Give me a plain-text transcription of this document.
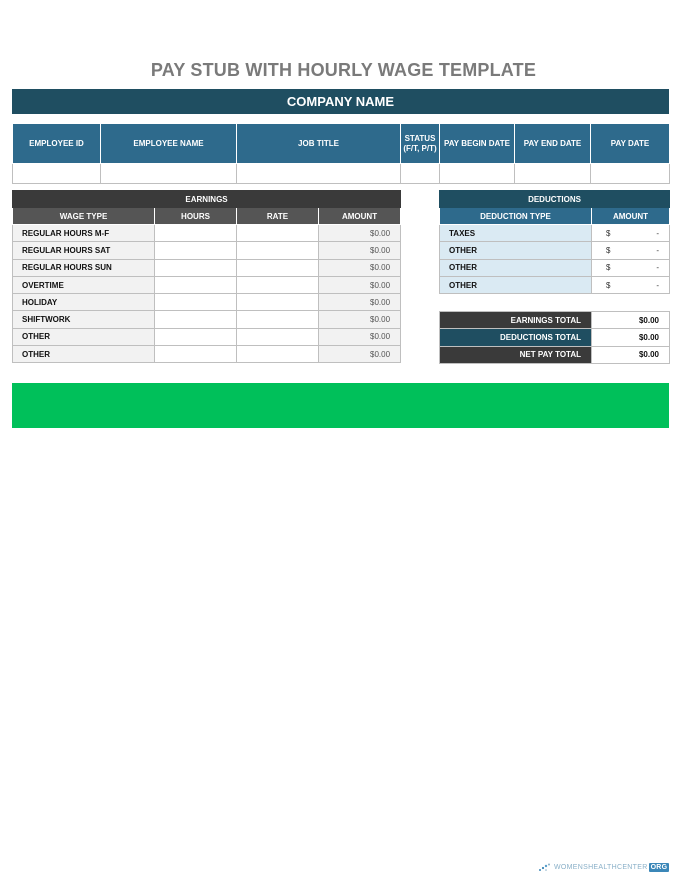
PAY STUB WITH HOURLY WAGE TEMPLATE
COMPANY NAME
EMPLOYEE ID	EMPLOYEE NAME	JOB TITLE	STATUS (F/T, P/T)	PAY BEGIN DATE	PAY END DATE	PAY DATE

EARNINGS			
WAGE TYPE	HOURS	RATE	AMOUNT
REGULAR HOURS M-F			$0.00
REGULAR HOURS SAT			$0.00
REGULAR HOURS SUN			$0.00
OVERTIME			$0.00
HOLIDAY			$0.00
SHIFTWORK			$0.00
OTHER			$0.00
OTHER			$0.00
DEDUCTIONS	
DEDUCTION TYPE	AMOUNT
TAXES	$ -

OTHER	$ -

OTHER	$ -

OTHER	$ -
EARNINGS TOTAL	$0.00
DEDUCTIONS TOTAL	$0.00
NET PAY TOTAL	$0.00
WOMENSHEALTHCENTER ORG
